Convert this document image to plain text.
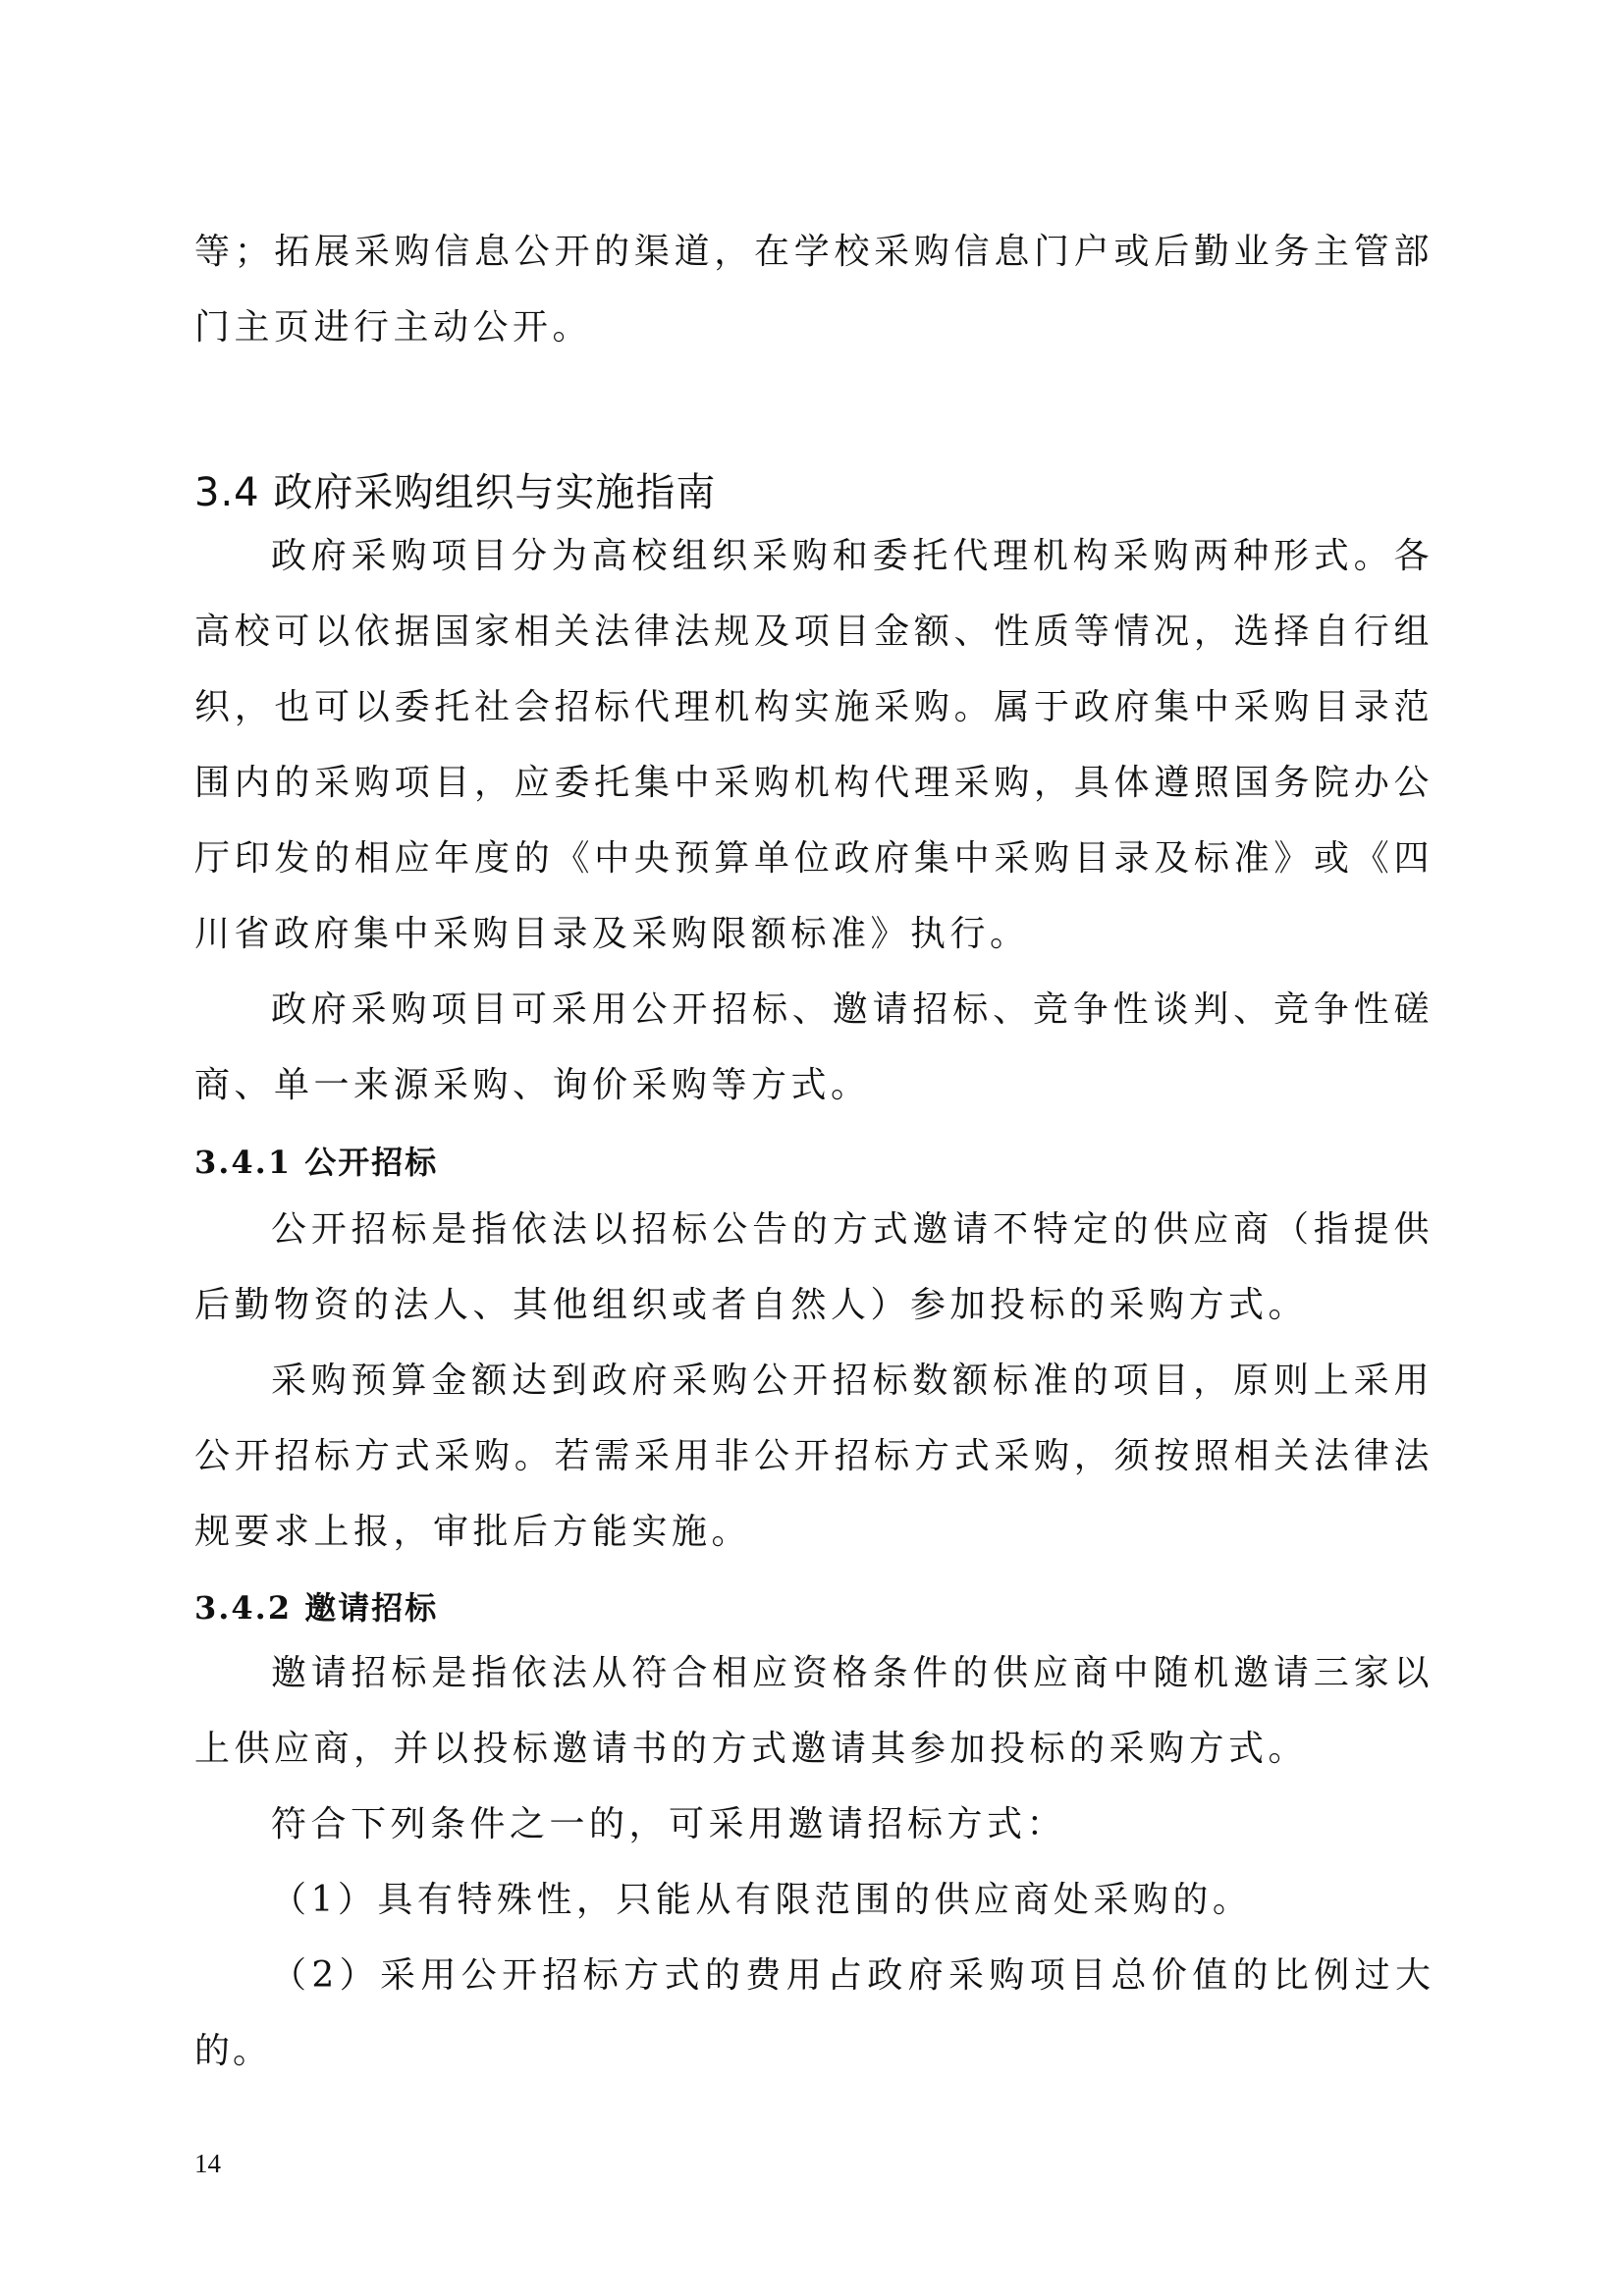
等；拓展采购信息公开的渠道，在学校采购信息门户或后勤业务主管部门主页进行主动公开。

3.4 政府采购组织与实施指南

政府采购项目分为高校组织采购和委托代理机构采购两种形式。各高校可以依据国家相关法律法规及项目金额、性质等情况，选择自行组织，也可以委托社会招标代理机构实施采购。属于政府集中采购目录范围内的采购项目，应委托集中采购机构代理采购，具体遵照国务院办公厅印发的相应年度的《中央预算单位政府集中采购目录及标准》或《四川省政府集中采购目录及采购限额标准》执行。

政府采购项目可采用公开招标、邀请招标、竞争性谈判、竞争性磋商、单一来源采购、询价采购等方式。

3.4.1 公开招标

公开招标是指依法以招标公告的方式邀请不特定的供应商（指提供后勤物资的法人、其他组织或者自然人）参加投标的采购方式。

采购预算金额达到政府采购公开招标数额标准的项目，原则上采用公开招标方式采购。若需采用非公开招标方式采购，须按照相关法律法规要求上报，审批后方能实施。

3.4.2 邀请招标

邀请招标是指依法从符合相应资格条件的供应商中随机邀请三家以上供应商，并以投标邀请书的方式邀请其参加投标的采购方式。

符合下列条件之一的，可采用邀请招标方式：

（1）具有特殊性，只能从有限范围的供应商处采购的。

（2）采用公开招标方式的费用占政府采购项目总价值的比例过大的。

14
